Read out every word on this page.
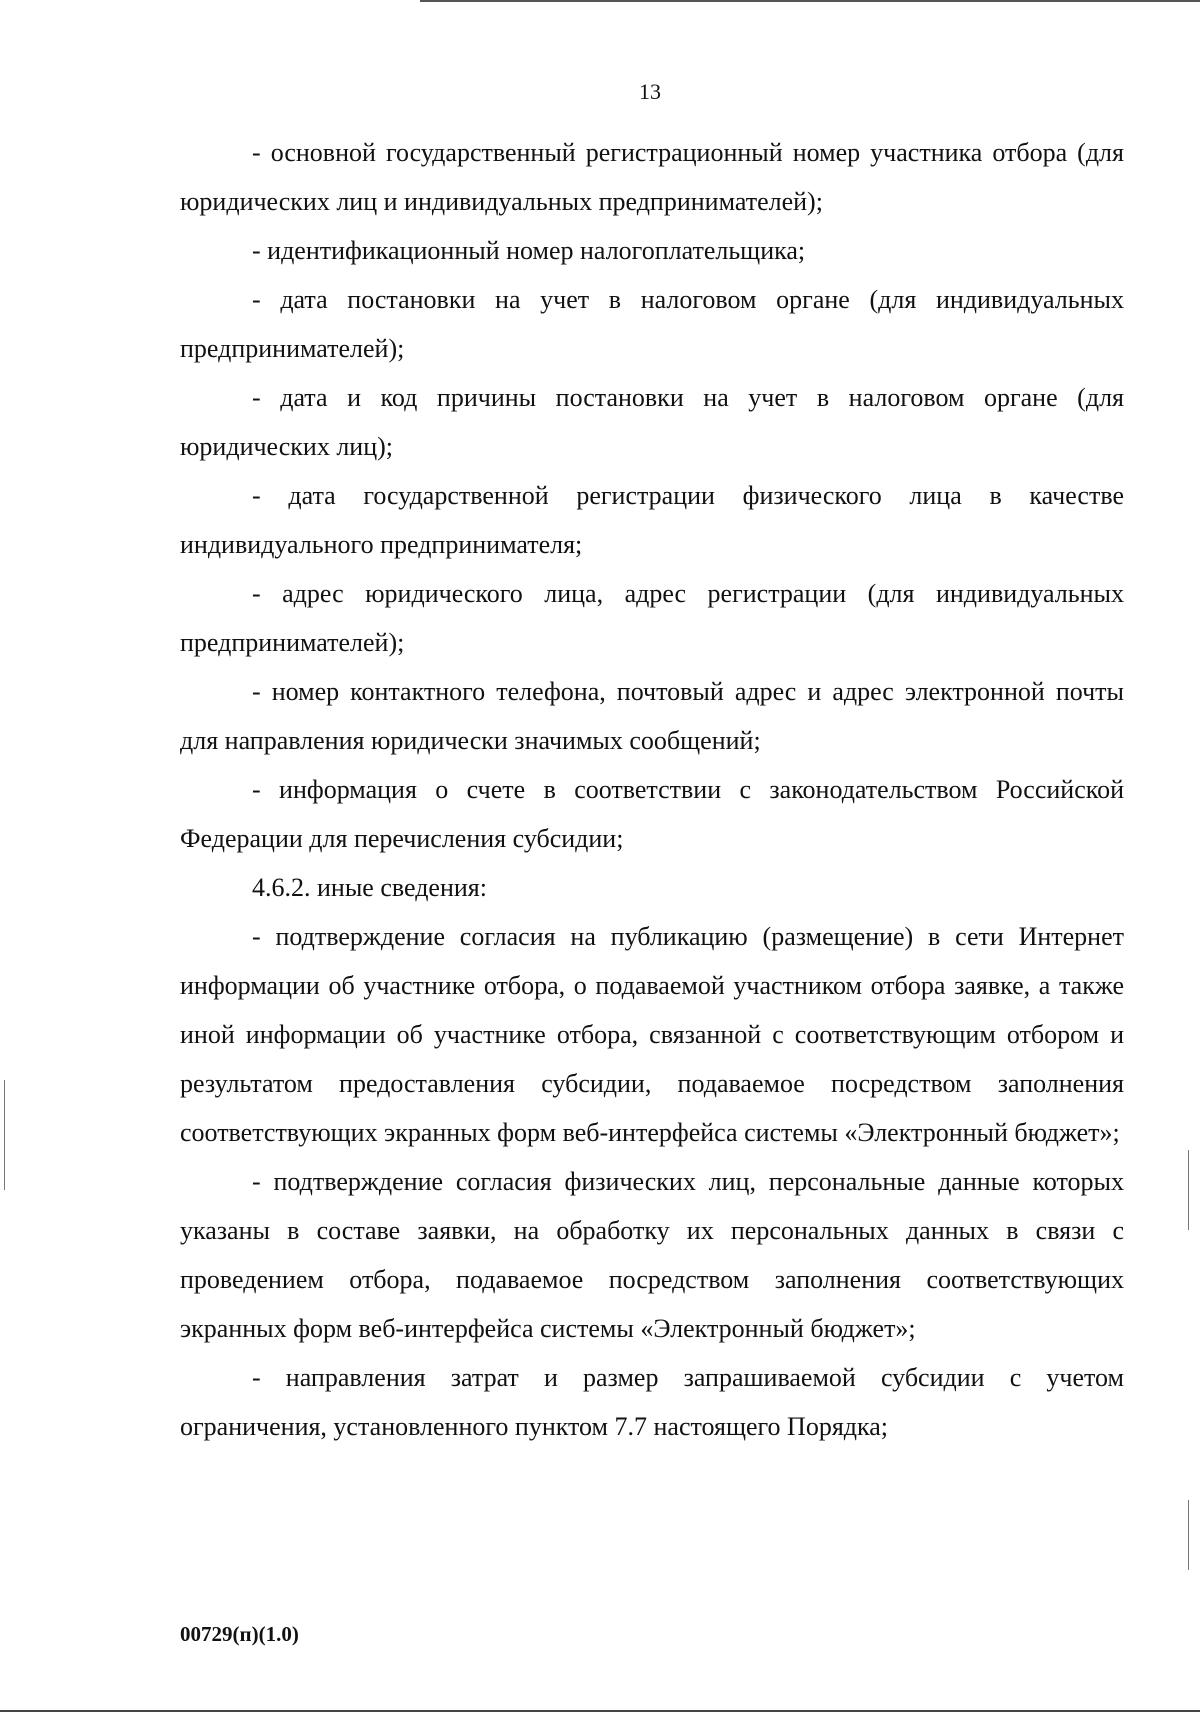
13

- основной государственный регистрационный номер участника отбора (для юридических лиц и индивидуальных предпринимателей);

- идентификационный номер налогоплательщика;

- дата постановки на учет в налоговом органе (для индивидуальных предпринимателей);

- дата и код причины постановки на учет в налоговом органе (для юридических лиц);

- дата государственной регистрации физического лица в качестве индивидуального предпринимателя;

- адрес юридического лица, адрес регистрации (для индивидуальных предпринимателей);

- номер контактного телефона, почтовый адрес и адрес электронной почты для направления юридически значимых сообщений;

- информация о счете в соответствии с законодательством Российской Федерации для перечисления субсидии;

4.6.2. иные сведения:

- подтверждение согласия на публикацию (размещение) в сети Интернет информации об участнике отбора, о подаваемой участником отбора заявке, а также иной информации об участнике отбора, связанной с соответствующим отбором и результатом предоставления субсидии, подаваемое посредством заполнения соответствующих экранных форм веб-интерфейса системы «Электронный бюджет»;

- подтверждение согласия физических лиц, персональные данные которых указаны в составе заявки, на обработку их персональных данных в связи с проведением отбора, подаваемое посредством заполнения соответствующих экранных форм веб-интерфейса системы «Электронный бюджет»;

- направления затрат и размер запрашиваемой субсидии с учетом ограничения, установленного пунктом 7.7 настоящего Порядка;

00729(п)(1.0)
